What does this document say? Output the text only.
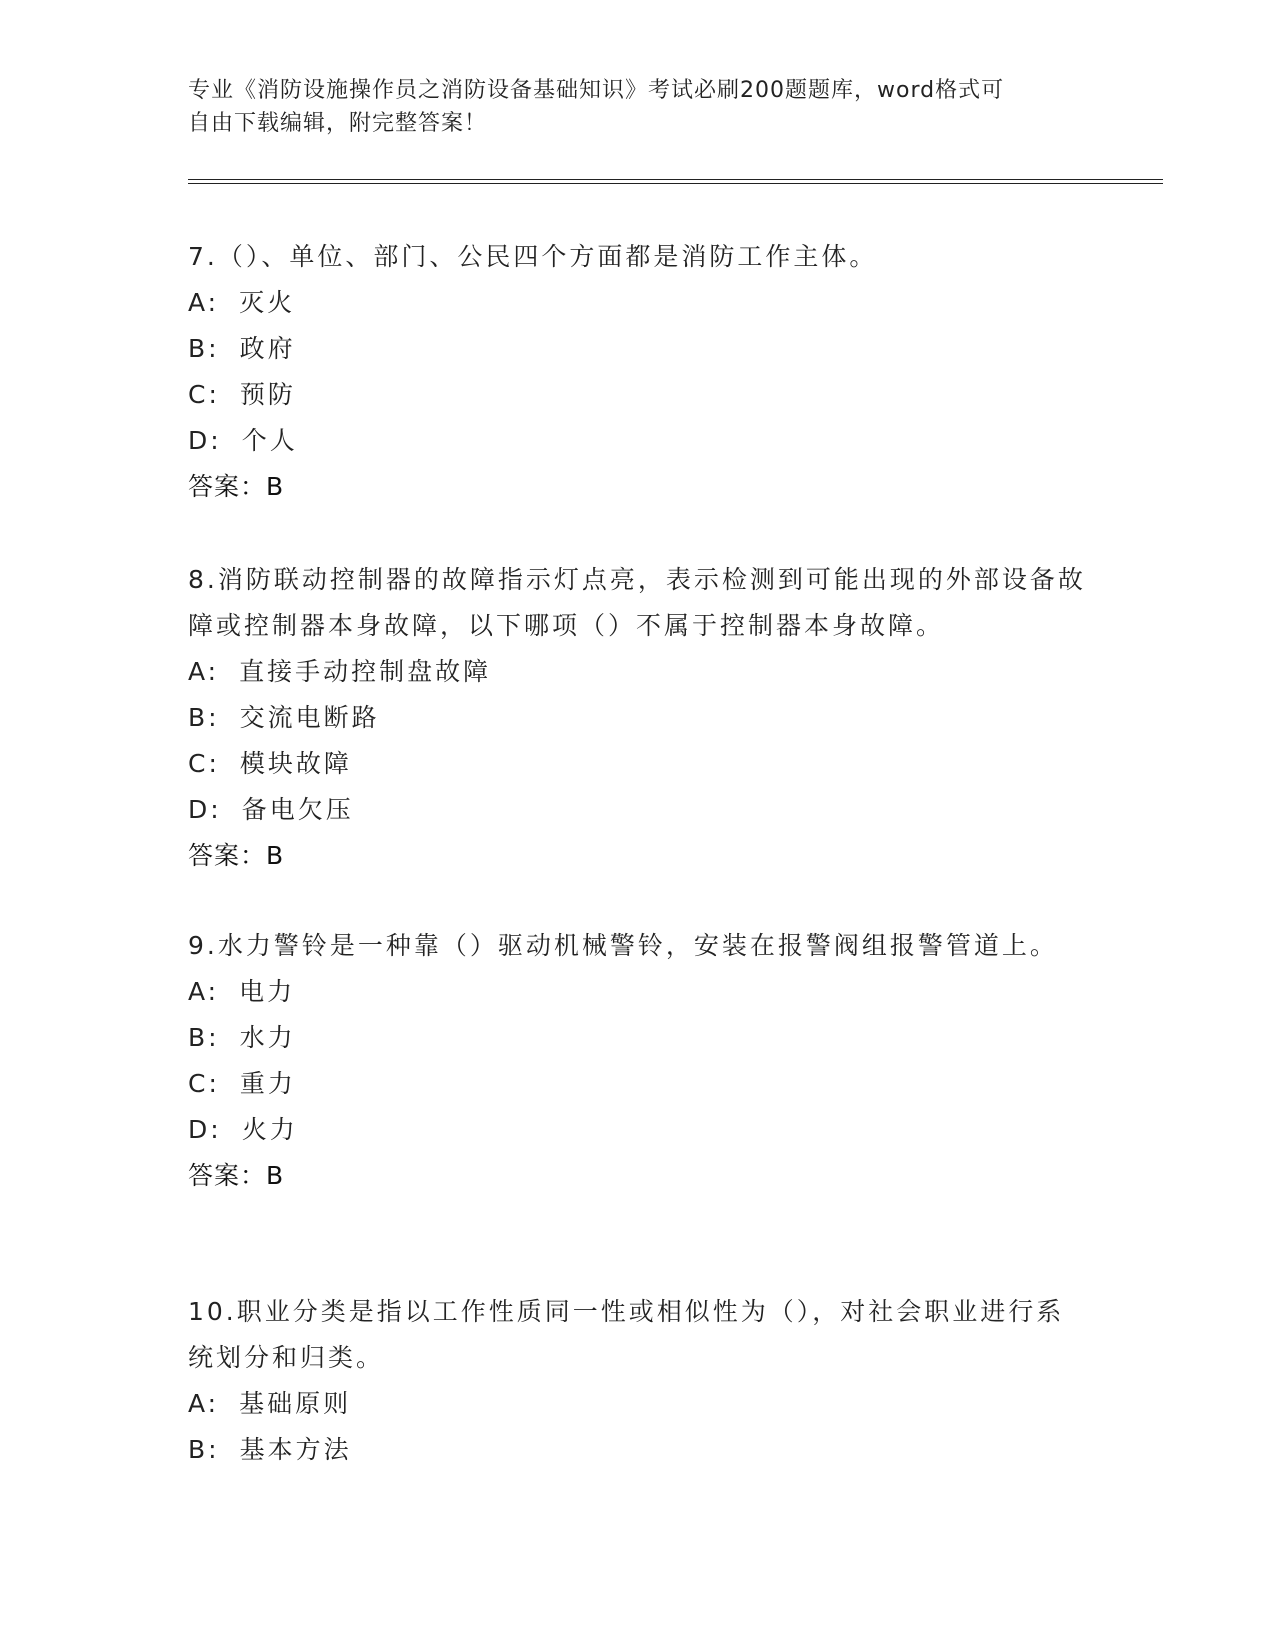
专业《消防设施操作员之消防设备基础知识》考试必刷200题题库，word格式可
自由下载编辑，附完整答案！

7.（）、单位、部门、公民四个方面都是消防工作主体。

A: 灭火

B: 政府

C: 预防

D: 个人

答案：B

8.消防联动控制器的故障指示灯点亮，表示检测到可能出现的外部设备故障或控制器本身故障，以下哪项（）不属于控制器本身故障。

A: 直接手动控制盘故障

B: 交流电断路

C: 模块故障

D: 备电欠压

答案：B

9.水力警铃是一种靠（）驱动机械警铃，安装在报警阀组报警管道上。

A: 电力

B: 水力

C: 重力

D: 火力

答案：B

10.职业分类是指以工作性质同一性或相似性为（），对社会职业进行系统划分和归类。

A: 基础原则

B: 基本方法
